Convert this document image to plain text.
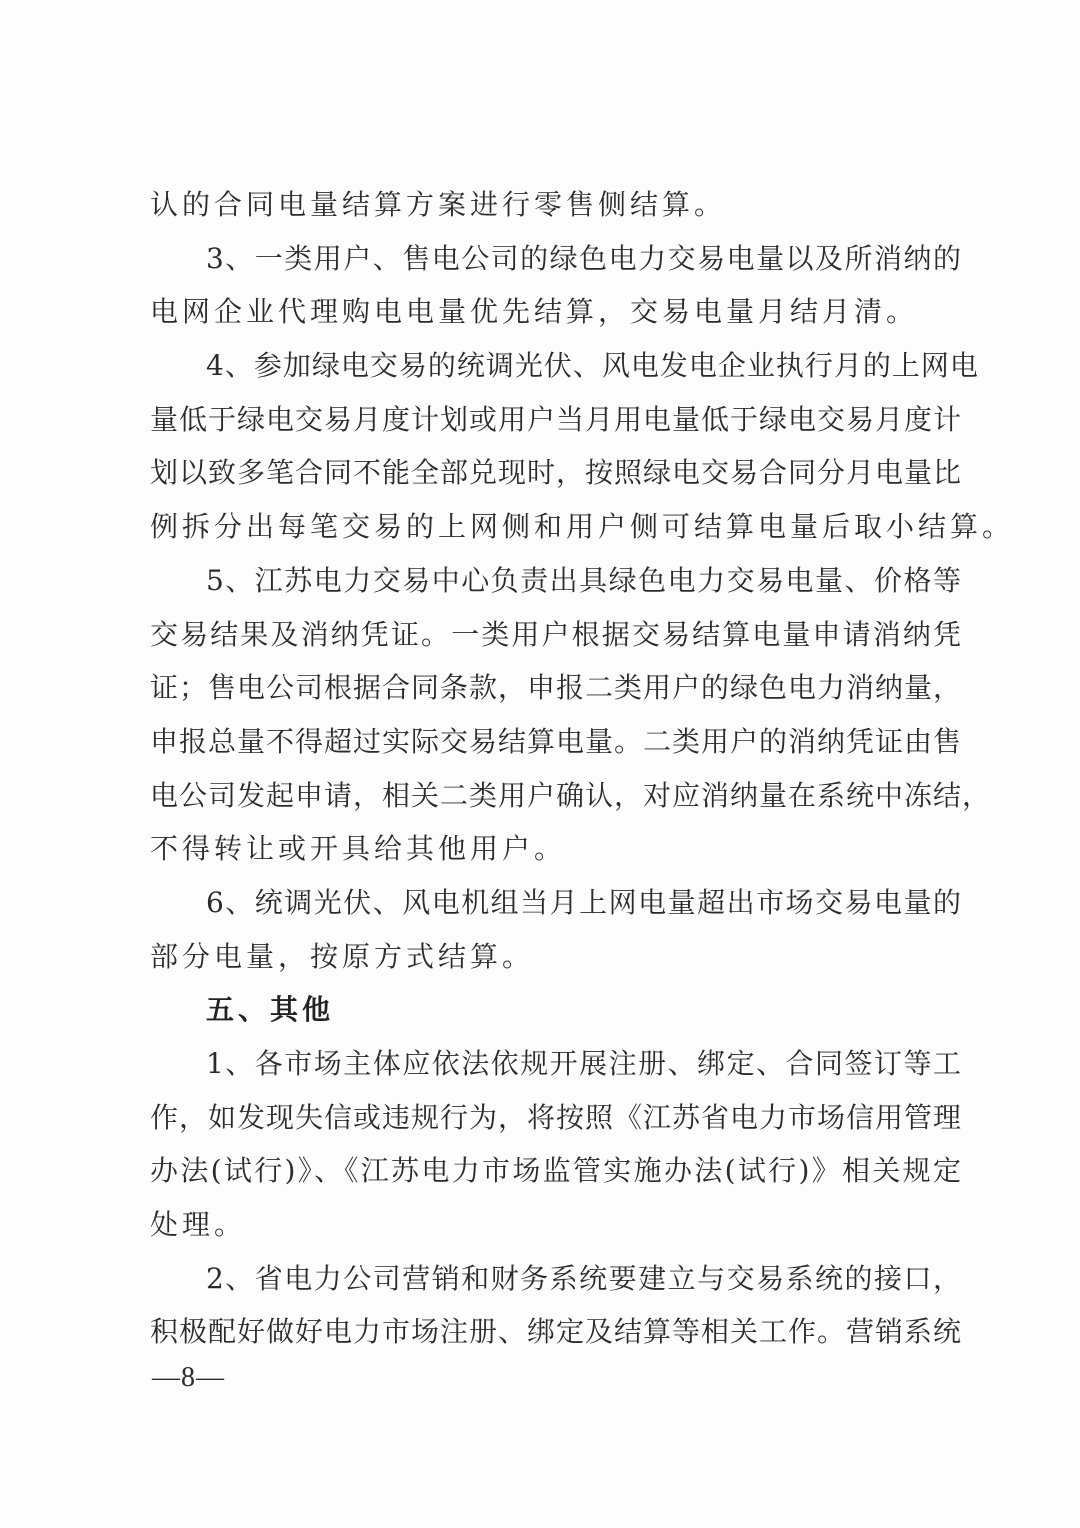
认的合同电量结算方案进行零售侧结算。
3、一类用户、售电公司的绿色电力交易电量以及所消纳的
电网企业代理购电电量优先结算，交易电量月结月清。
4、参加绿电交易的统调光伏、风电发电企业执行月的上网电
量低于绿电交易月度计划或用户当月用电量低于绿电交易月度计
划以致多笔合同不能全部兑现时，按照绿电交易合同分月电量比
例拆分出每笔交易的上网侧和用户侧可结算电量后取小结算。
5、江苏电力交易中心负责出具绿色电力交易电量、价格等
交易结果及消纳凭证。一类用户根据交易结算电量申请消纳凭
证；售电公司根据合同条款，申报二类用户的绿色电力消纳量，
申报总量不得超过实际交易结算电量。二类用户的消纳凭证由售
电公司发起申请，相关二类用户确认，对应消纳量在系统中冻结，
不得转让或开具给其他用户。
6、统调光伏、风电机组当月上网电量超出市场交易电量的
部分电量，按原方式结算。
五、其他
1、各市场主体应依法依规开展注册、绑定、合同签订等工
作，如发现失信或违规行为，将按照《江苏省电力市场信用管理
办法(试行)》、《江苏电力市场监管实施办法(试行)》相关规定
处理。
2、省电力公司营销和财务系统要建立与交易系统的接口，
积极配好做好电力市场注册、绑定及结算等相关工作。营销系统
—8—
